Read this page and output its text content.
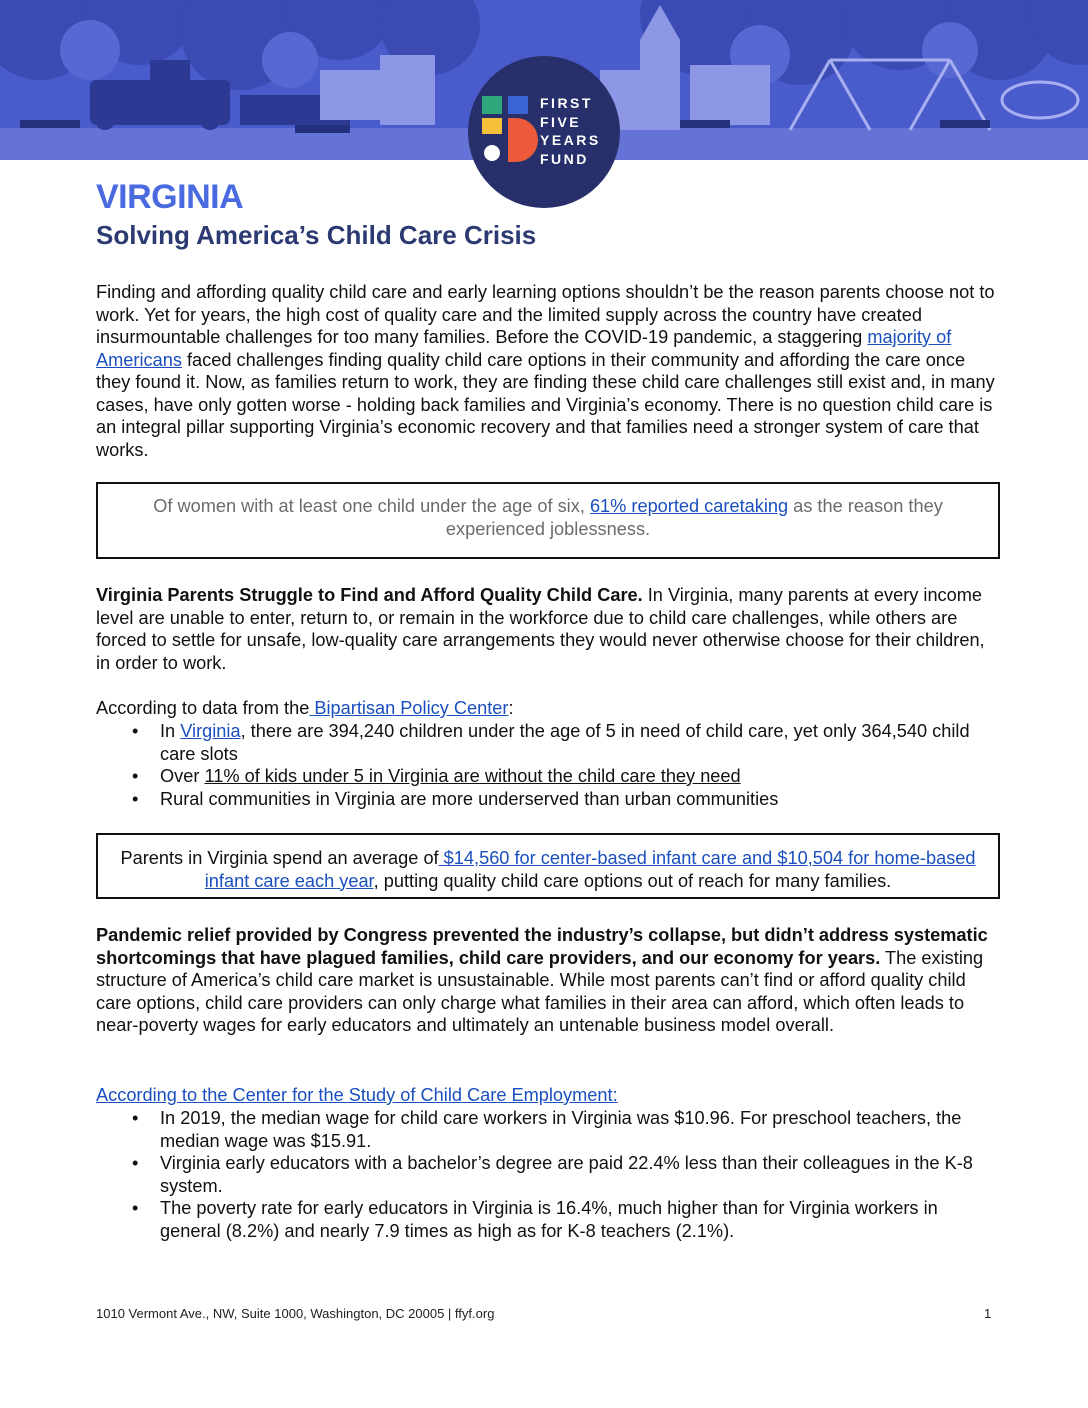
FIRST
FIVE
YEARS
FUND
VIRGINIA
Solving America’s Child Care Crisis

Finding and affording quality child care and early learning options shouldn’t be the reason parents choose not to work. Yet for years, the high cost of quality care and the limited supply across the country have created insurmountable challenges for too many families. Before the COVID-19 pandemic, a staggering majority of Americans faced challenges finding quality child care options in their community and affording the care once they found it. Now, as families return to work, they are finding these child care challenges still exist and, in many cases, have only gotten worse - holding back families and Virginia’s economy. There is no question child care is an integral pillar supporting Virginia’s economic recovery and that families need a stronger system of care that works.

Of women with at least one child under the age of six, 61% reported caretaking as the reason they experienced joblessness.

Virginia Parents Struggle to Find and Afford Quality Child Care. In Virginia, many parents at every income level are unable to enter, return to, or remain in the workforce due to child care challenges, while others are forced to settle for unsafe, low-quality care arrangements they would never otherwise choose for their children, in order to work.

According to data from the Bipartisan Policy Center:

• In Virginia, there are 394,240 children under the age of 5 in need of child care, yet only 364,540 child care slots
• Over 11% of kids under 5 in Virginia are without the child care they need
• Rural communities in Virginia are more underserved than urban communities
Parents in Virginia spend an average of $14,560 for center-based infant care and $10,504 for home-based infant care each year, putting quality child care options out of reach for many families.

Pandemic relief provided by Congress prevented the industry’s collapse, but didn’t address systematic shortcomings that have plagued families, child care providers, and our economy for years. The existing structure of America’s child care market is unsustainable. While most parents can’t find or afford quality child care options, child care providers can only charge what families in their area can afford, which often leads to near-poverty wages for early educators and ultimately an untenable business model overall.

According to the Center for the Study of Child Care Employment:

• In 2019, the median wage for child care workers in Virginia was $10.96. For preschool teachers, the median wage was $15.91.
• Virginia early educators with a bachelor’s degree are paid 22.4% less than their colleagues in the K-8 system.
• The poverty rate for early educators in Virginia is 16.4%, much higher than for Virginia workers in general (8.2%) and nearly 7.9 times as high as for K-8 teachers (2.1%).
1010 Vermont Ave., NW, Suite 1000, Washington, DC 20005 | ffyf.org	1
